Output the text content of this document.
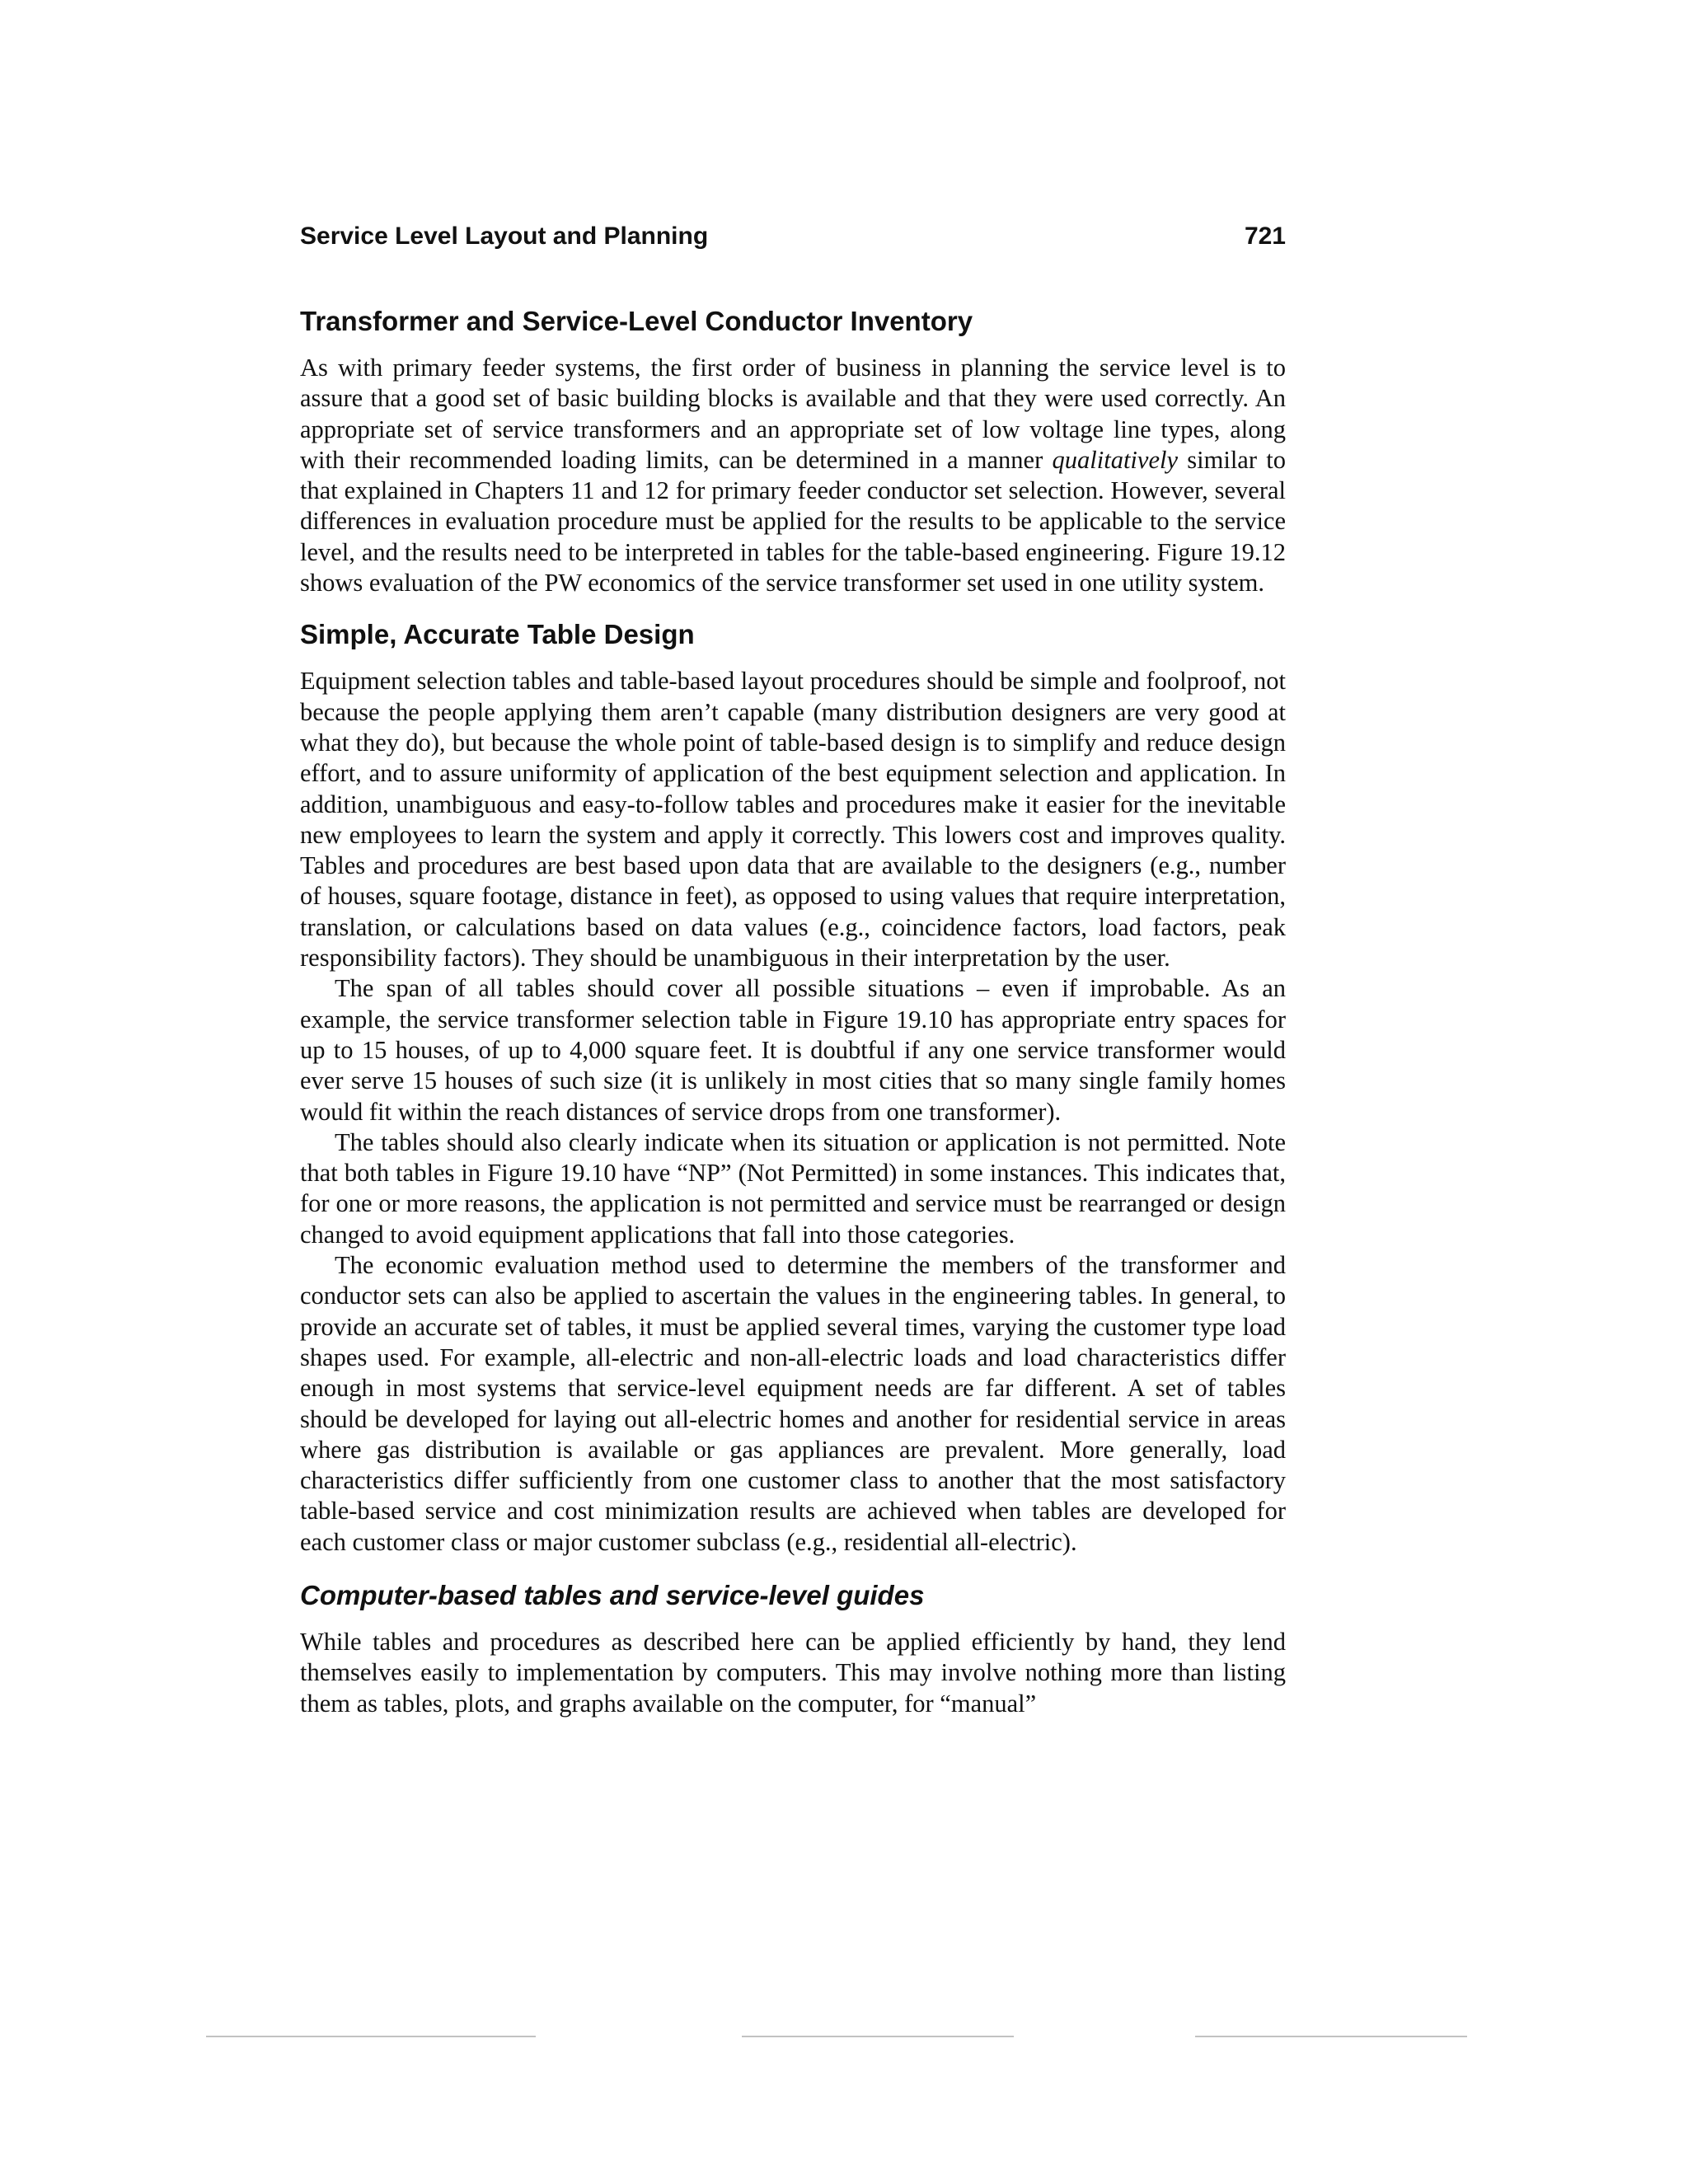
Service Level Layout and Planning	721
Transformer and Service-Level Conductor Inventory

As with primary feeder systems, the first order of business in planning the service level is to assure that a good set of basic building blocks is available and that they were used correctly. An appropriate set of service transformers and an appropriate set of low voltage line types, along with their recommended loading limits, can be determined in a manner qualitatively similar to that explained in Chapters 11 and 12 for primary feeder conductor set selection. However, several differences in evaluation procedure must be applied for the results to be applicable to the service level, and the results need to be interpreted in tables for the table-based engineering. Figure 19.12 shows evaluation of the PW economics of the service transformer set used in one utility system.

Simple, Accurate Table Design

Equipment selection tables and table-based layout procedures should be simple and foolproof, not because the people applying them aren’t capable (many distribution designers are very good at what they do), but because the whole point of table-based design is to simplify and reduce design effort, and to assure uniformity of application of the best equipment selection and application. In addition, unambiguous and easy-to-follow tables and procedures make it easier for the inevitable new employees to learn the system and apply it correctly. This lowers cost and improves quality. Tables and procedures are best based upon data that are available to the designers (e.g., number of houses, square footage, distance in feet), as opposed to using values that require interpretation, translation, or calculations based on data values (e.g., coincidence factors, load factors, peak responsibility factors). They should be unambiguous in their interpretation by the user.

The span of all tables should cover all possible situations – even if improbable. As an example, the service transformer selection table in Figure 19.10 has appropriate entry spaces for up to 15 houses, of up to 4,000 square feet. It is doubtful if any one service transformer would ever serve 15 houses of such size (it is unlikely in most cities that so many single family homes would fit within the reach distances of service drops from one transformer).

The tables should also clearly indicate when its situation or application is not permitted. Note that both tables in Figure 19.10 have “NP” (Not Permitted) in some instances. This indicates that, for one or more reasons, the application is not permitted and service must be rearranged or design changed to avoid equipment applications that fall into those categories.

The economic evaluation method used to determine the members of the transformer and conductor sets can also be applied to ascertain the values in the engineering tables. In general, to provide an accurate set of tables, it must be applied several times, varying the customer type load shapes used. For example, all-electric and non-all-electric loads and load characteristics differ enough in most systems that service-level equipment needs are far different. A set of tables should be developed for laying out all-electric homes and another for residential service in areas where gas distribution is available or gas appliances are prevalent. More generally, load characteristics differ sufficiently from one customer class to another that the most satisfactory table-based service and cost minimization results are achieved when tables are developed for each customer class or major customer subclass (e.g., residential all-electric).

Computer-based tables and service-level guides

While tables and procedures as described here can be applied efficiently by hand, they lend themselves easily to implementation by computers. This may involve nothing more than listing them as tables, plots, and graphs available on the computer, for “manual”
